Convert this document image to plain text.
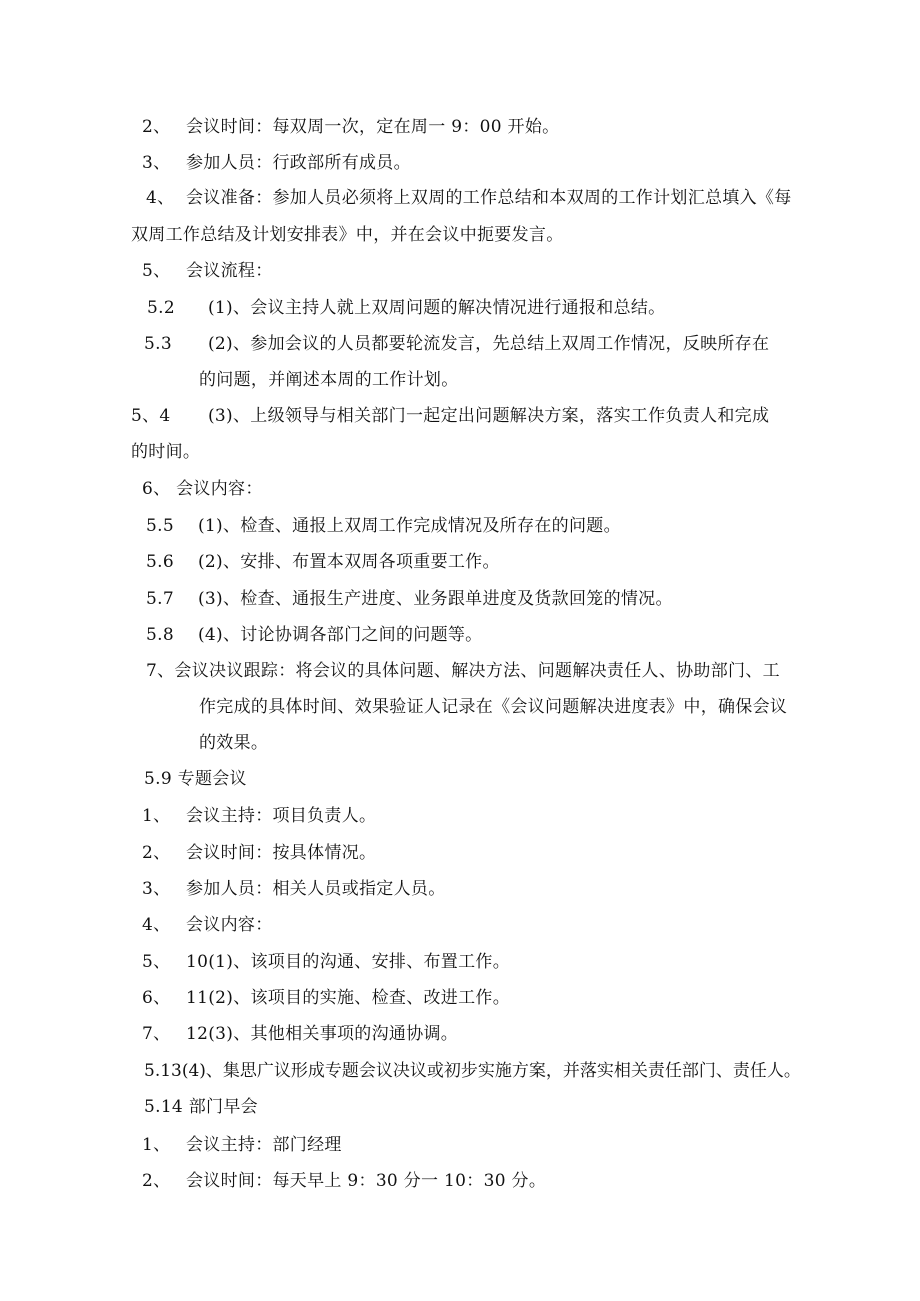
2、 会议时间：每双周一次，定在周一 9：00 开始。
3、 参加人员：行政部所有成员。
4、 会议准备：参加人员必须将上双周的工作总结和本双周的工作计划汇总填入《每
双周工作总结及计划安排表》中，并在会议中扼要发言。
5、 会议流程：
5.2 (1)、会议主持人就上双周问题的解决情况进行通报和总结。
5.3 (2)、参加会议的人员都要轮流发言，先总结上双周工作情况，反映所存在
的问题，并阐述本周的工作计划。
5、4 (3)、上级领导与相关部门一起定出问题解决方案，落实工作负责人和完成
的时间。
6、 会议内容：
5.5 (1)、检查、通报上双周工作完成情况及所存在的问题。
5.6 (2)、安排、布置本双周各项重要工作。
5.7 (3)、检查、通报生产进度、业务跟单进度及货款回笼的情况。
5.8 (4)、讨论协调各部门之间的问题等。
7、会议决议跟踪：将会议的具体问题、解决方法、问题解决责任人、协助部门、工
作完成的具体时间、效果验证人记录在《会议问题解决进度表》中，确保会议
的效果。
5.9 专题会议
1、 会议主持：项目负责人。
2、 会议时间：按具体情况。
3、 参加人员：相关人员或指定人员。
4、 会议内容：
5、 10(1)、该项目的沟通、安排、布置工作。
6、 11(2)、该项目的实施、检查、改进工作。
7、 12(3)、其他相关事项的沟通协调。
5.13(4)、集思广议形成专题会议决议或初步实施方案，并落实相关责任部门、责任人。
5.14 部门早会
1、 会议主持：部门经理
2、 会议时间：每天早上 9：30 分一 10：30 分。
